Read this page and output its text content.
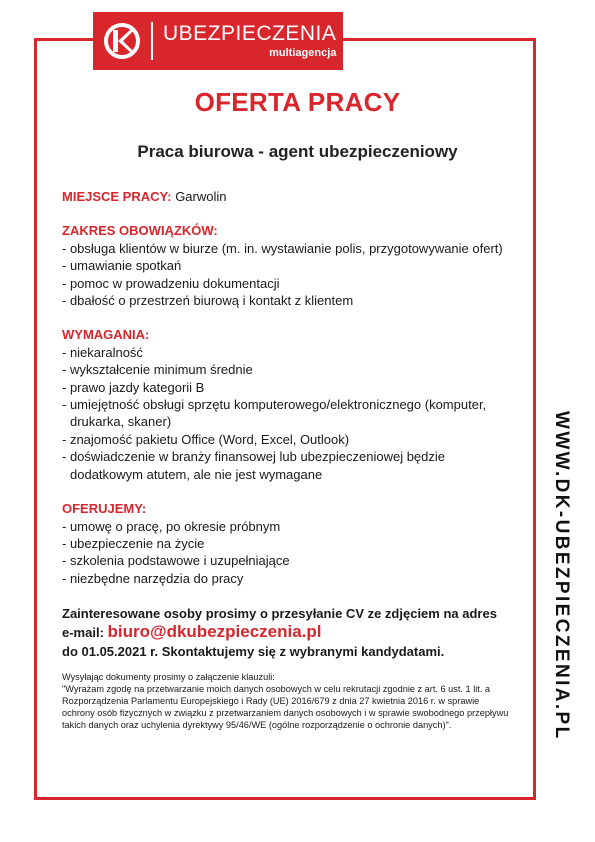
UBEZPIECZENIA
multiagencja
OFERTA PRACY
Praca biurowa - agent ubezpieczeniowy
MIEJSCE PRACY: Garwolin
ZAKRES OBOWIĄZKÓW:
- obsługa klientów w biurze (m. in. wystawianie polis, przygotowywanie ofert)
- umawianie spotkań
- pomoc w prowadzeniu dokumentacji
- dbałość o przestrzeń biurową i kontakt z klientem
WYMAGANIA:
- niekaralność
- wykształcenie minimum średnie
- prawo jazdy kategorii B
- umiejętność obsługi sprzętu komputerowego/elektronicznego (komputer, drukarka, skaner)
- znajomość pakietu Office (Word, Excel, Outlook)
- doświadczenie w branży finansowej lub ubezpieczeniowej będzie dodatkowym atutem, ale nie jest wymagane
OFERUJEMY:
- umowę o pracę, po okresie próbnym
- ubezpieczenie na życie
- szkolenia podstawowe i uzupełniające
- niezbędne narzędzia do pracy
Zainteresowane osoby prosimy o przesyłanie CV ze zdjęciem na adres
e-mail: biuro@dkubezpieczenia.pl
do 01.05.2021 r. Skontaktujemy się z wybranymi kandydatami.
Wysyłając dokumenty prosimy o załączenie klauzuli:
"Wyrażam zgodę na przetwarzanie moich danych osobowych w celu rekrutacji zgodnie z art. 6 ust. 1 lit. a Rozporządzenia Parlamentu Europejskiego i Rady (UE) 2016/679 z dnia 27 kwietnia 2016 r. w sprawie ochrony osób fizycznych w związku z przetwarzaniem danych osobowych i w sprawie swobodnego przepływu takich danych oraz uchylenia dyrektywy 95/46/WE (ogólne rozporządzenie o ochronie danych)".	WWW.DK-UBEZPIECZENIA.PL
